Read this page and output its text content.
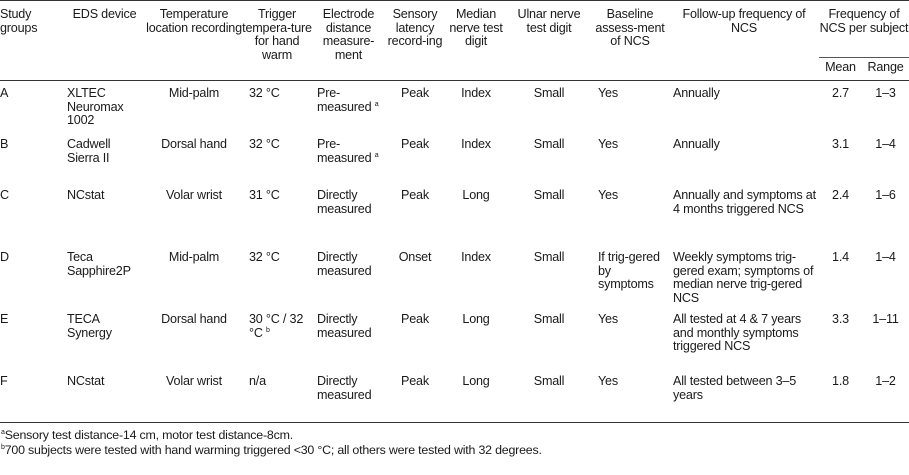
Study groups	EDS device	Temperature location recording	Trigger tempera-ture for hand warm	Electrode distance measure-ment	Sensory latency record-ing	Median nerve test digit	Ulnar nerve test digit	Baseline assess-ment of NCS	Follow-up frequency of NCS	Frequency of NCS per subject	
										Mean	Range
A	XLTEC Neuromax 1002	Mid-palm	32 °C	Pre-measured $^a$	Peak	Index	Small	Yes	Annually	2.7	1–3
B	Cadwell Sierra II	Dorsal hand	32 °C	Pre-measured $^a$	Peak	Index	Small	Yes	Annually	3.1	1–4
C	NCstat	Volar wrist	31 °C	Directly measured	Peak	Long	Small	Yes	Annually and symptoms at 4 months triggered NCS	2.4	1–6
D	Teca Sapphire2P	Mid-palm	32 °C	Directly measured	Onset	Index	Small	If trig-gered by symptoms	Weekly symptoms trig-gered exam; symptoms of median nerve trig-gered NCS	1.4	1–4
E	TECA Synergy	Dorsal hand	30 °C / 32 °C $^b$	Directly measured	Peak	Long	Small	Yes	All tested at 4 & 7 years and monthly symptoms triggered NCS	3.3	1–11
F	NCstat	Volar wrist	n/a	Directly measured	Peak	Long	Small	Yes	All tested between 3–5 years	1.8	1–2
$^a$Sensory test distance-14 cm, motor test distance-8cm.
$^b$700 subjects were tested with hand warming triggered <30 °C; all others were tested with 32 degrees.
